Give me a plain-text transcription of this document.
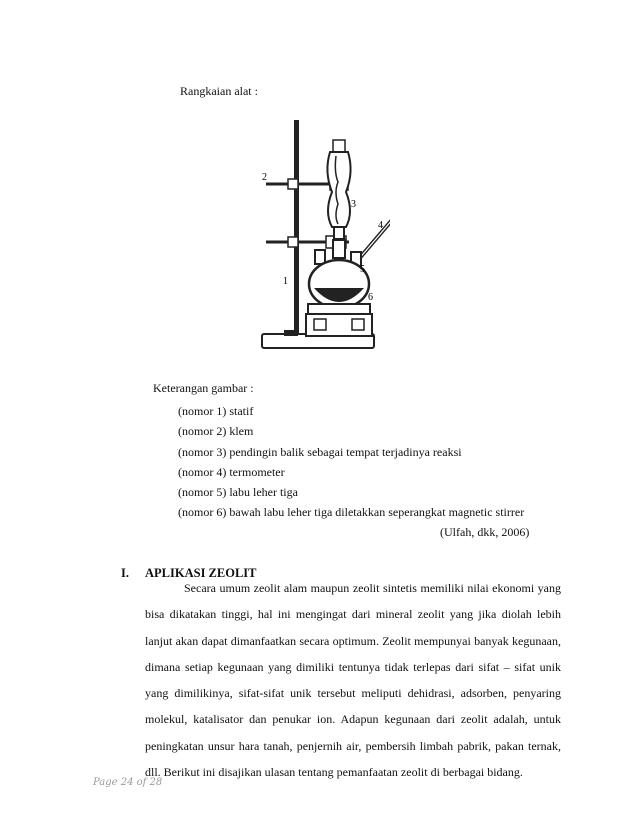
Rangkaian alat :
1
2
3
4
5
6
Keterangan gambar :
(nomor 1) statif
(nomor 2) klem
(nomor 3) pendingin balik sebagai tempat terjadinya reaksi
(nomor 4) termometer
(nomor 5) labu leher tiga
(nomor 6) bawah labu leher tiga diletakkan seperangkat magnetic stirrer
(Ulfah, dkk, 2006)
I. APLIKASI ZEOLIT

Secara umum zeolit alam maupun zeolit sintetis memiliki nilai ekonomi yang bisa dikatakan tinggi, hal ini mengingat dari mineral zeolit yang jika diolah lebih lanjut akan dapat dimanfaatkan secara optimum. Zeolit mempunyai banyak kegunaan, dimana setiap kegunaan yang dimiliki tentunya tidak terlepas dari sifat – sifat unik yang dimilikinya, sifat-sifat unik tersebut meliputi dehidrasi, adsorben, penyaring molekul, katalisator dan penukar ion. Adapun kegunaan dari zeolit adalah, untuk peningkatan unsur hara tanah, penjernih air, pembersih limbah pabrik, pakan ternak, dll. Berikut ini disajikan ulasan tentang pemanfaatan zeolit di berbagai bidang.

Page 24 of 28
